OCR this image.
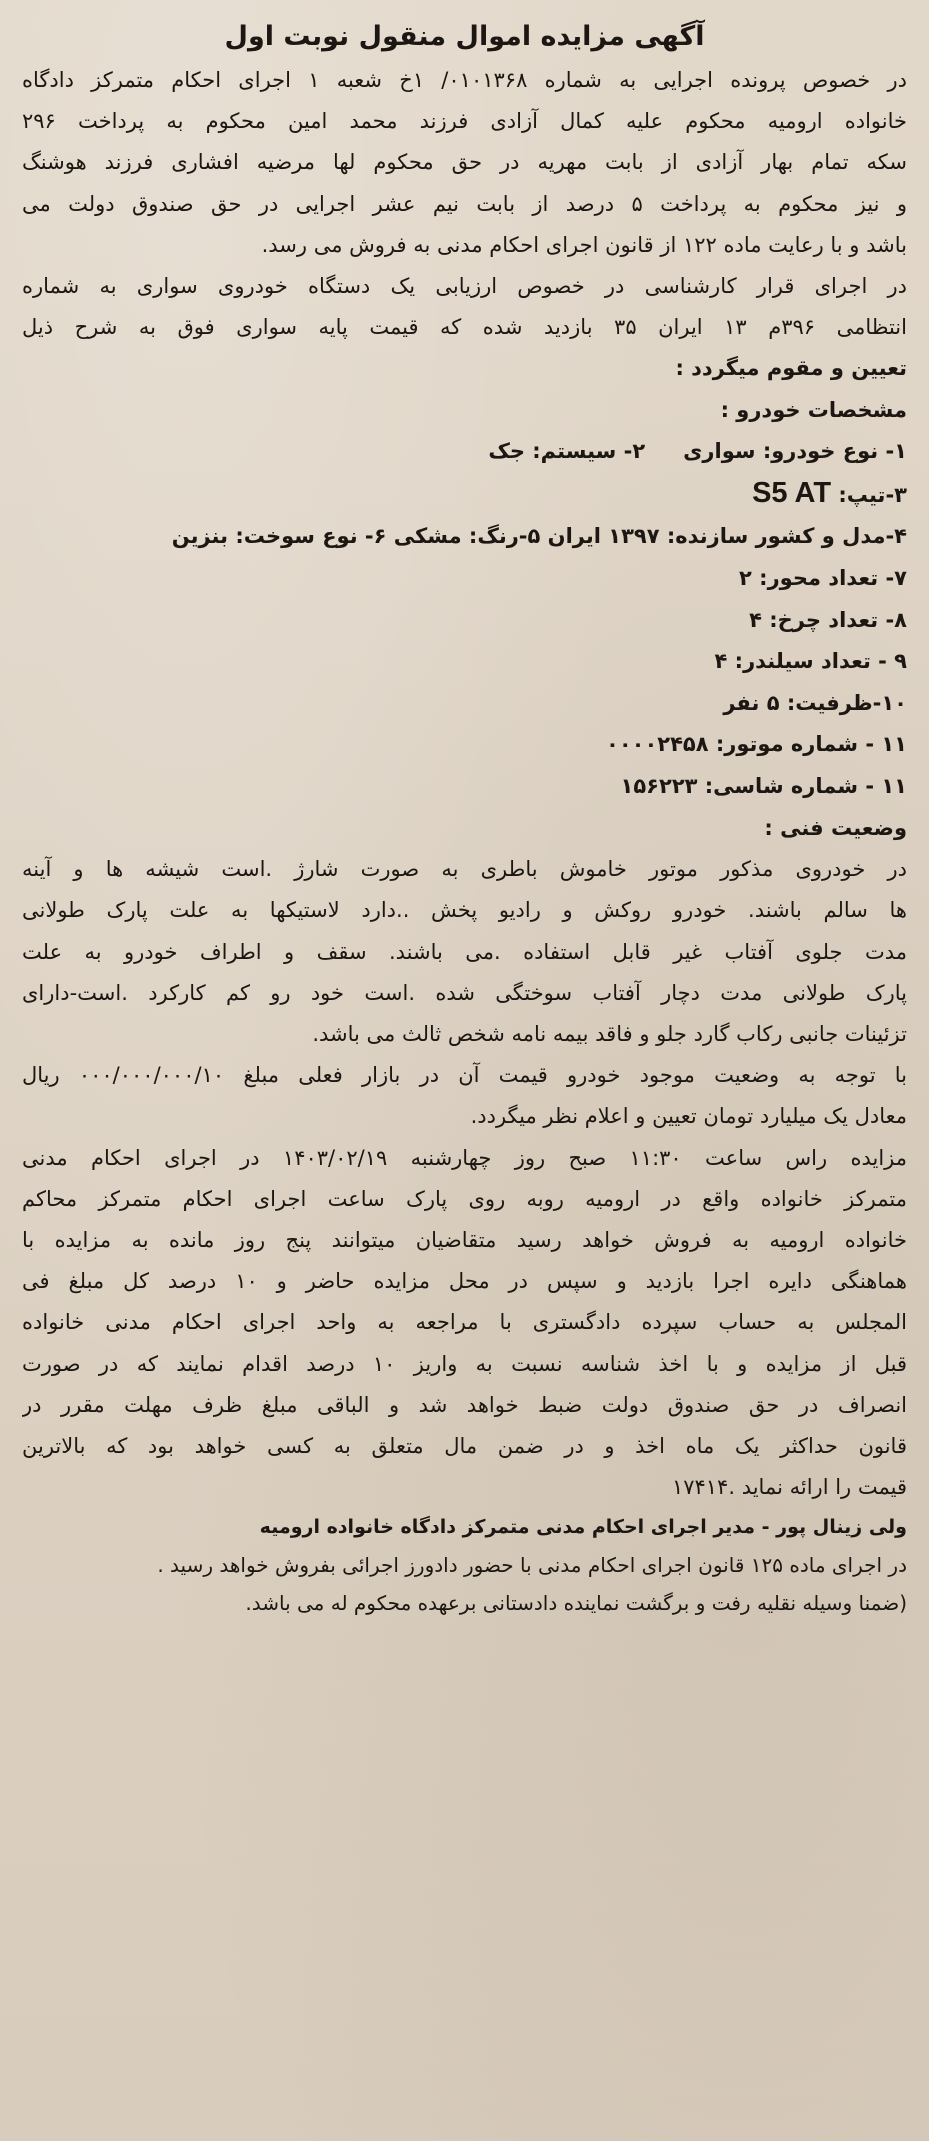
آگهی مزایده اموال منقول نوبت اول

در خصوص پرونده اجرایی به شماره ۰۱۰۱۳۶۸/ ۱خ شعبه ۱ اجرای احکام متمرکز دادگاه

خانواده ارومیه محکوم علیه کمال آزادی فرزند محمد امین محکوم به پرداخت ۲۹۶

سکه تمام بهار آزادی از بابت مهریه در حق محکوم لها مرضیه افشاری فرزند هوشنگ

و نیز محکوم به پرداخت ۵ درصد از بابت نیم عشر اجرایی در حق صندوق دولت می

باشد و با رعایت ماده ۱۲۲ از قانون اجرای احکام مدنی به فروش می رسد.

در اجرای قرار کارشناسی در خصوص ارزیابی یک دستگاه خودروی سواری به شماره

انتظامی ۳۹۶م ۱۳ ایران ۳۵ بازدید شده که قیمت پایه سواری فوق به شرح ذیل

تعیین و مقوم میگردد :

مشخصات خودرو :

۱- نوع خودرو: سواری۲- سیستم: جک

۳-تیپ: S5 AT

۴-مدل و کشور سازنده: ۱۳۹۷ ایران ۵-رنگ: مشکی ۶- نوع سوخت: بنزین

۷- تعداد محور: ۲

۸- تعداد چرخ: ۴

۹ - تعداد سیلندر: ۴

۱۰-ظرفیت: ۵ نفر

۱۱ - شماره موتور: ۰۰۰۰۲۴۵۸

۱۱ - شماره شاسی: ۱۵۶۲۲۳

وضعیت فنی :

در خودروی مذکور موتور خاموش باطری به صورت شارژ .است شیشه ها و آینه

ها سالم باشند. خودرو روکش و رادیو پخش ..دارد لاستیکها به علت پارک طولانی

مدت جلوی آفتاب غیر قابل استفاده .می باشند. سقف و اطراف خودرو به علت

پارک طولانی مدت دچار آفتاب سوختگی شده .است خود رو کم کارکرد .است-دارای

تزئینات جانبی رکاب گارد جلو و فاقد بیمه نامه شخص ثالث می باشد.

با توجه به وضعیت موجود خودرو قیمت آن در بازار فعلی مبلغ ۰۰۰/۰۰۰/۰۰۰/۱۰ ریال

معادل یک میلیارد تومان تعیین و اعلام نظر میگردد.

مزایده راس ساعت ۱۱:۳۰ صبح روز چهارشنبه ۱۴۰۳/۰۲/۱۹ در اجرای احکام مدنی

متمرکز خانواده واقع در ارومیه روبه روی پارک ساعت اجرای احکام متمرکز محاکم

خانواده ارومیه به فروش خواهد رسید متقاضیان میتوانند پنج روز مانده به مزایده با

هماهنگی دایره اجرا بازدید و سپس در محل مزایده حاضر و ۱۰ درصد کل مبلغ فی

المجلس به حساب سپرده دادگستری با مراجعه به واحد اجرای احکام مدنی خانواده

قبل از مزایده و با اخذ شناسه نسبت به واریز ۱۰ درصد اقدام نمایند که در صورت

انصراف در حق صندوق دولت ضبط خواهد شد و الباقی مبلغ ظرف مهلت مقرر در

قانون حداکثر یک ماه اخذ و در ضمن مال متعلق به کسی خواهد بود که بالاترین

قیمت را ارائه نماید .۱۷۴۱۴

ولی زینال پور - مدیر اجرای احکام مدنی متمرکز دادگاه خانواده ارومیه

در اجرای ماده ۱۲۵ قانون اجرای احکام مدنی با حضور دادورز اجرائی بفروش خواهد رسید .

(ضمنا وسیله نقلیه رفت و برگشت نماینده دادستانی برعهده محکوم له می باشد.
